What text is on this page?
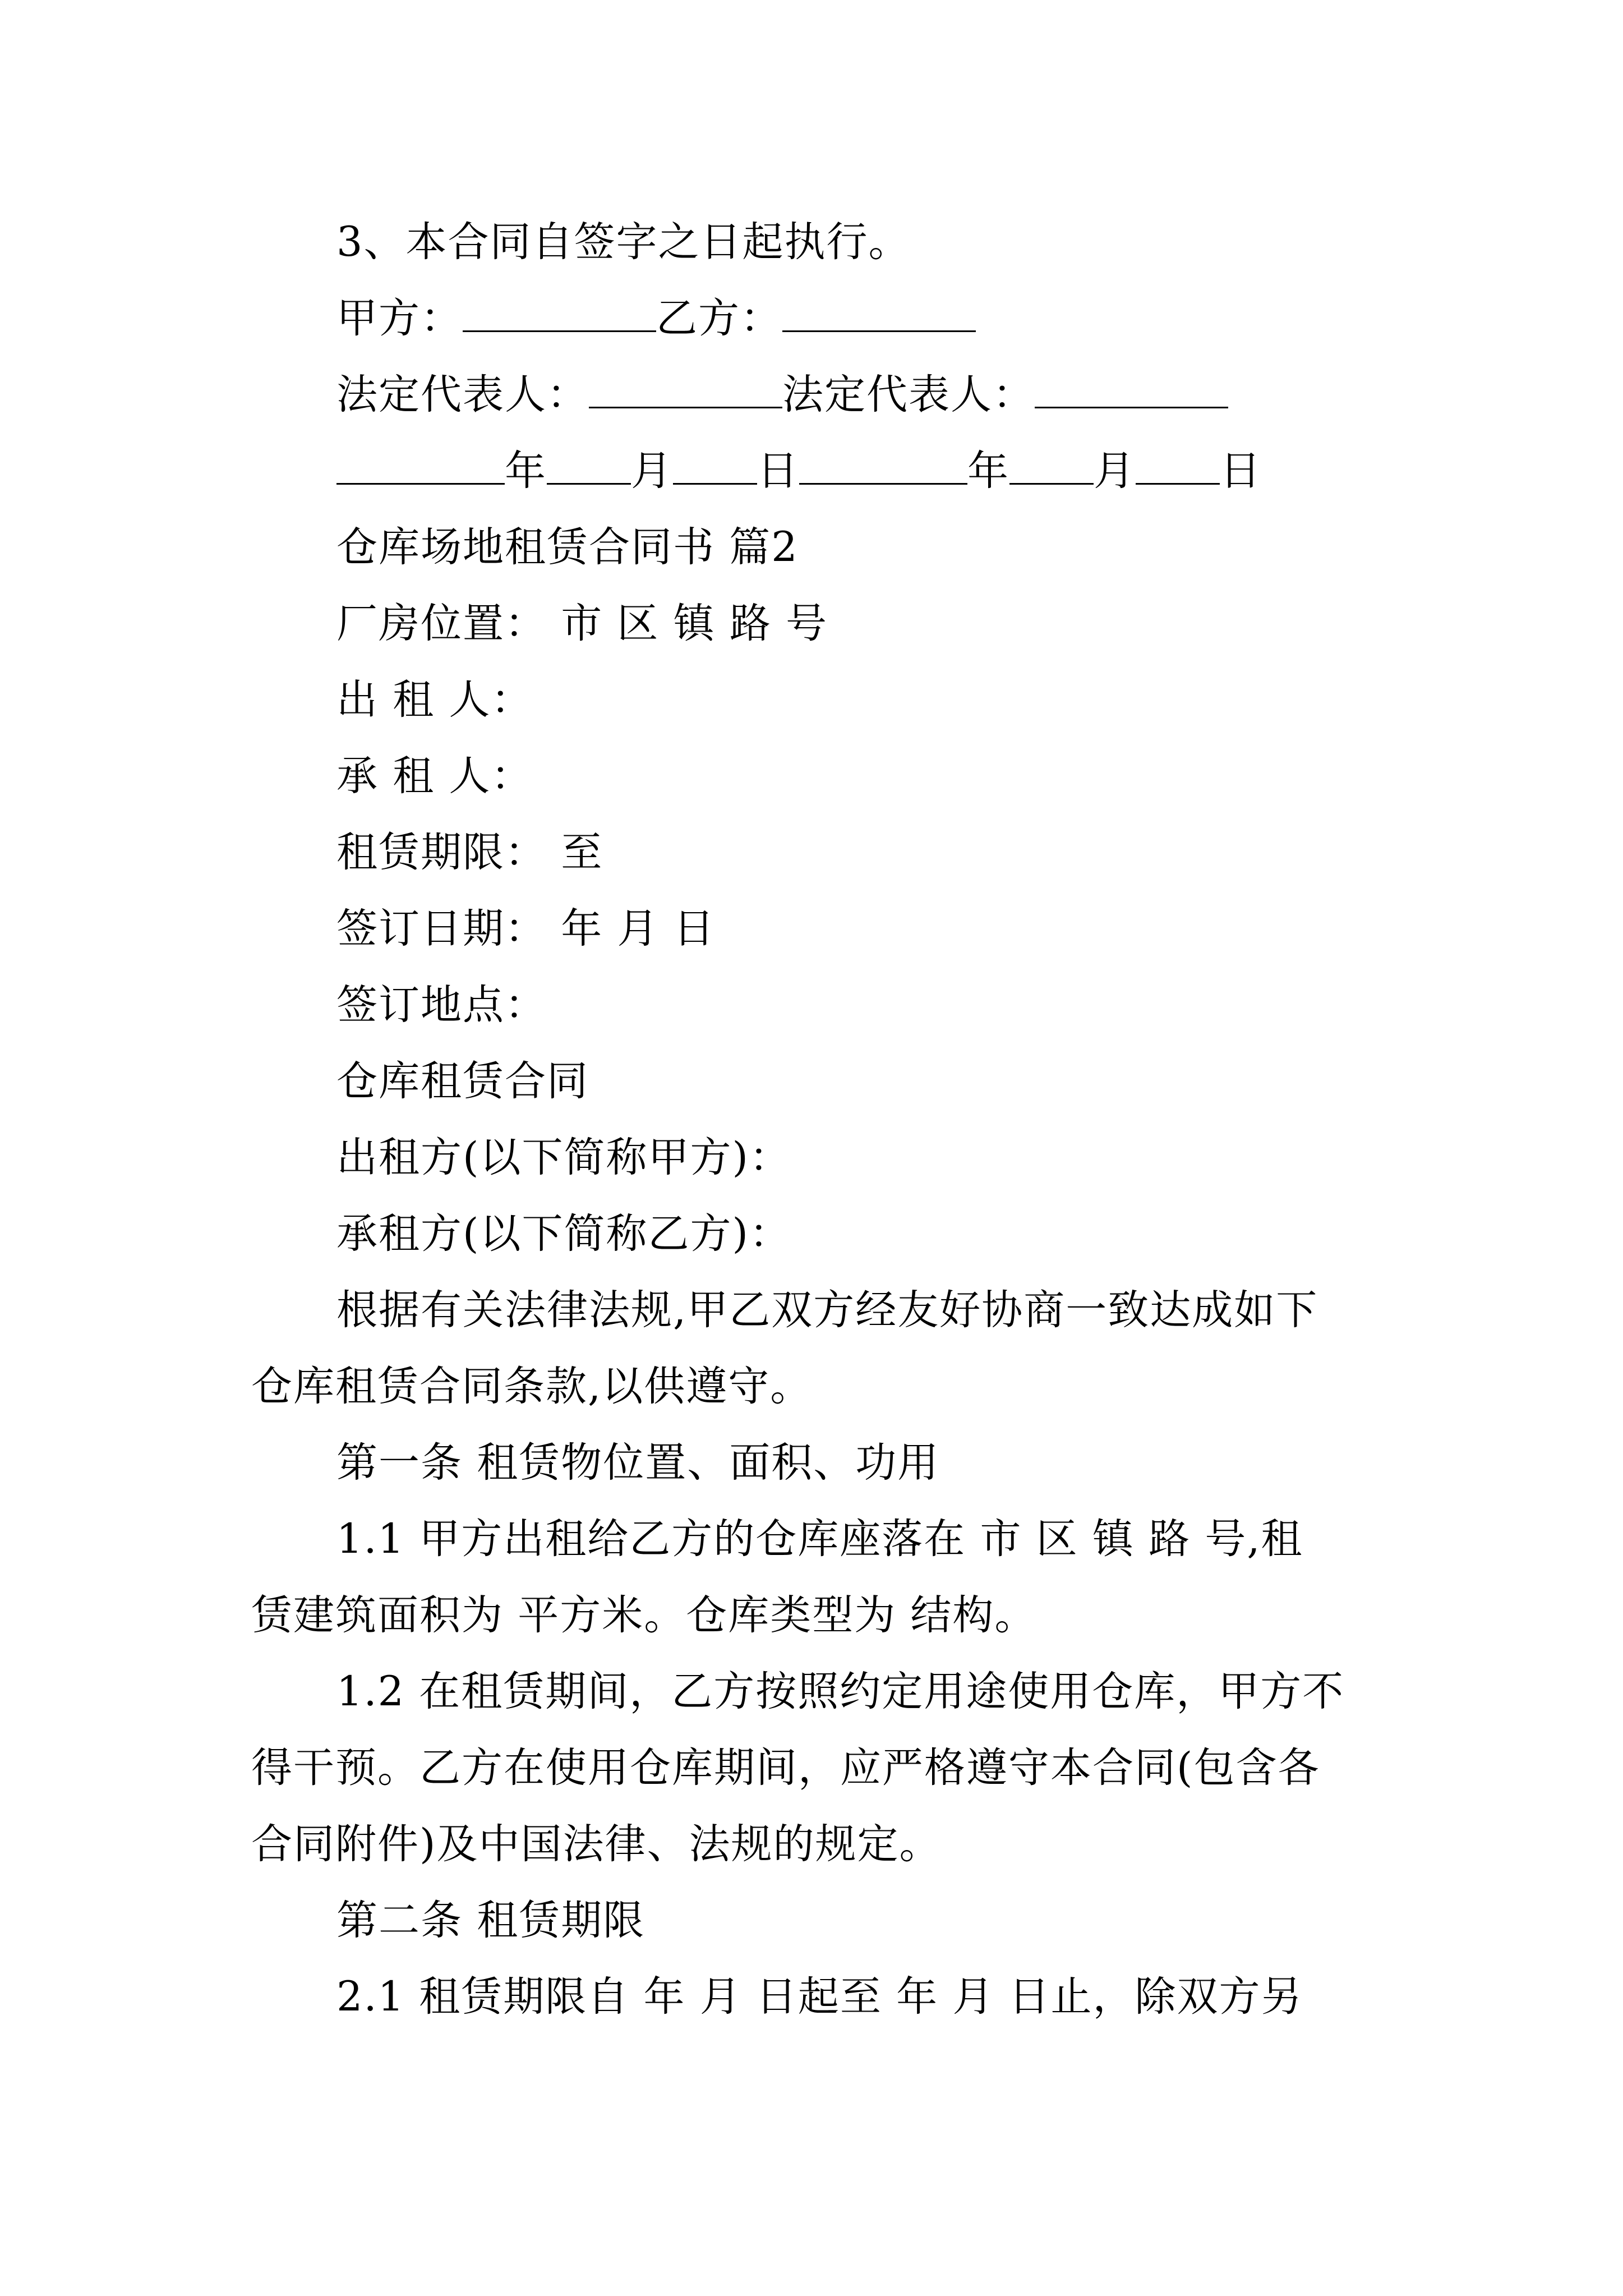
3、本合同自签字之日起执行。
甲方：	乙方：
法定代表人：	法定代表人：
年 月 日	年 月 日
仓库场地租赁合同书 篇2
厂房位置： 市 区 镇 路 号
出 租 人：
承 租 人：
租赁期限： 至
签订日期： 年 月 日
签订地点：
仓库租赁合同
出租方(以下简称甲方)：
承租方(以下简称乙方)：
根据有关法律法规,甲乙双方经友好协商一致达成如下
仓库租赁合同条款,以供遵守。
第一条 租赁物位置、面积、功用
1.1 甲方出租给乙方的仓库座落在 市 区 镇 路 号,租
赁建筑面积为 平方米。仓库类型为 结构。
1.2 在租赁期间，乙方按照约定用途使用仓库，甲方不
得干预。乙方在使用仓库期间，应严格遵守本合同(包含各
合同附件)及中国法律、法规的规定。
第二条 租赁期限
2.1 租赁期限自 年 月 日起至 年 月 日止，除双方另
